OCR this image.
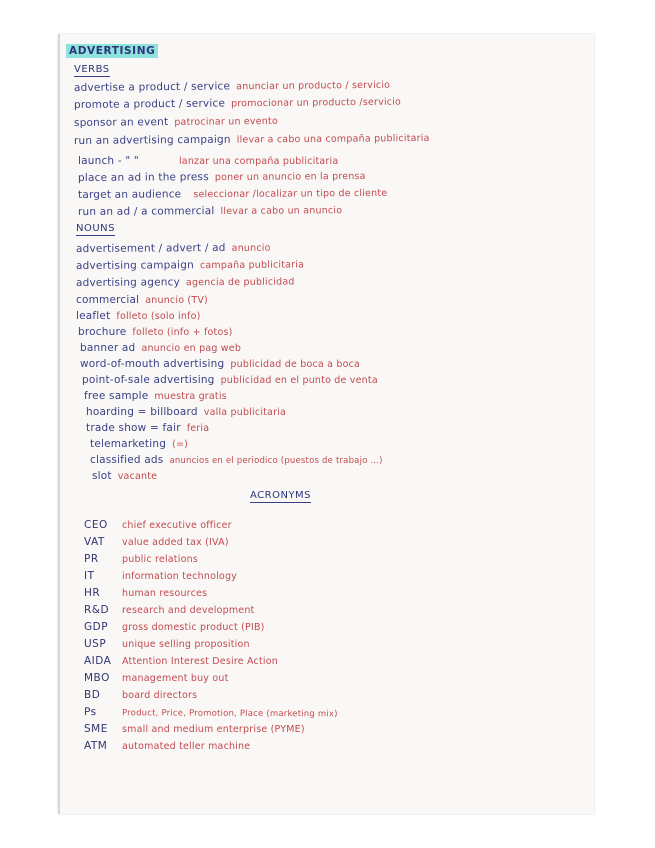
ADVERTISING
VERBS
advertise a product / service anunciar un producto / servicio
promote a product / service promocionar un producto /servicio
sponsor an event patrocinar un evento
run an advertising campaign llevar a cabo una compaña publicitaria
launch - " "	lanzar una compaña publicitaria
place an ad in the press poner un anuncio en la prensa
target an audience seleccionar /localizar un tipo de cliente
run an ad / a commercial llevar a cabo un anuncio
NOUNS
advertisement / advert / ad anuncio
advertising campaign campaña publicitaria
advertising agency agencia de publicidad
commercial anuncio (TV)
leaflet folleto (solo info)
brochure folleto (info + fotos)
banner ad anuncio en pag web
word-of-mouth advertising publicidad de boca a boca
point-of-sale advertising publicidad en el punto de venta
free sample muestra gratis
hoarding = billboard valla publicitaria
trade show = fair feria
telemarketing (=)
classified ads anuncios en el periodico (puestos de trabajo ...)
slot vacante
ACRONYMS
CEO chief executive officer
VAT value added tax (IVA)
PR public relations
IT	information technology
HR human resources
R&D research and development
GDP gross domestic product (PIB)
USP unique selling proposition
AIDA Attention Interest Desire Action
MBO management buy out
BD board directors
Ps	Product, Price, Promotion, Place (marketing mix)
SME small and medium enterprise (PYME)
ATM automated teller machine
